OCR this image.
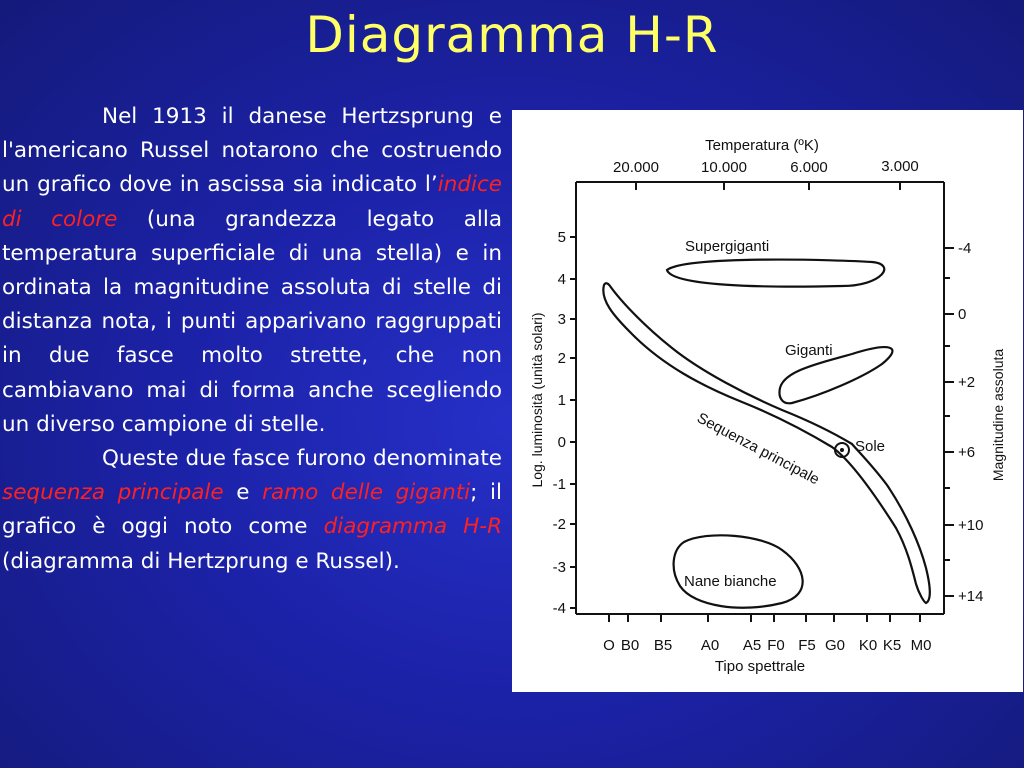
Diagramma H-R

Nel 1913 il danese Hertzsprung e l'americano Russel notarono che costruendo un grafico dove in ascissa sia indicato l’indice di colore (una grandezza legato alla temperatura superficiale di una stella) e in ordinata la magnitudine assoluta di stelle di distanza nota, i punti apparivano raggruppati in due fasce molto strette, che non cambiavano mai di forma anche scegliendo un diverso campione di stelle.

Queste due fasce furono denominate sequenza principale e ramo delle giganti; il grafico è oggi noto come diagramma H-R (diagramma di Hertzprung e Russel).

Temperatura (ºK)
20.000	10.000	6.000	3.000
5
4
3
2
1
0
-1
-2
-3
-4
Log. luminosità (unità solari)
-4
0
+2
+6
+10
+14
Magnitudine assoluta
O B0 B5 A0 A5 F0 F5 G0 K0 K5 M0
Tipo spettrale
Supergiganti
Giganti
Sole
Nane bianche
Sequenza principale
